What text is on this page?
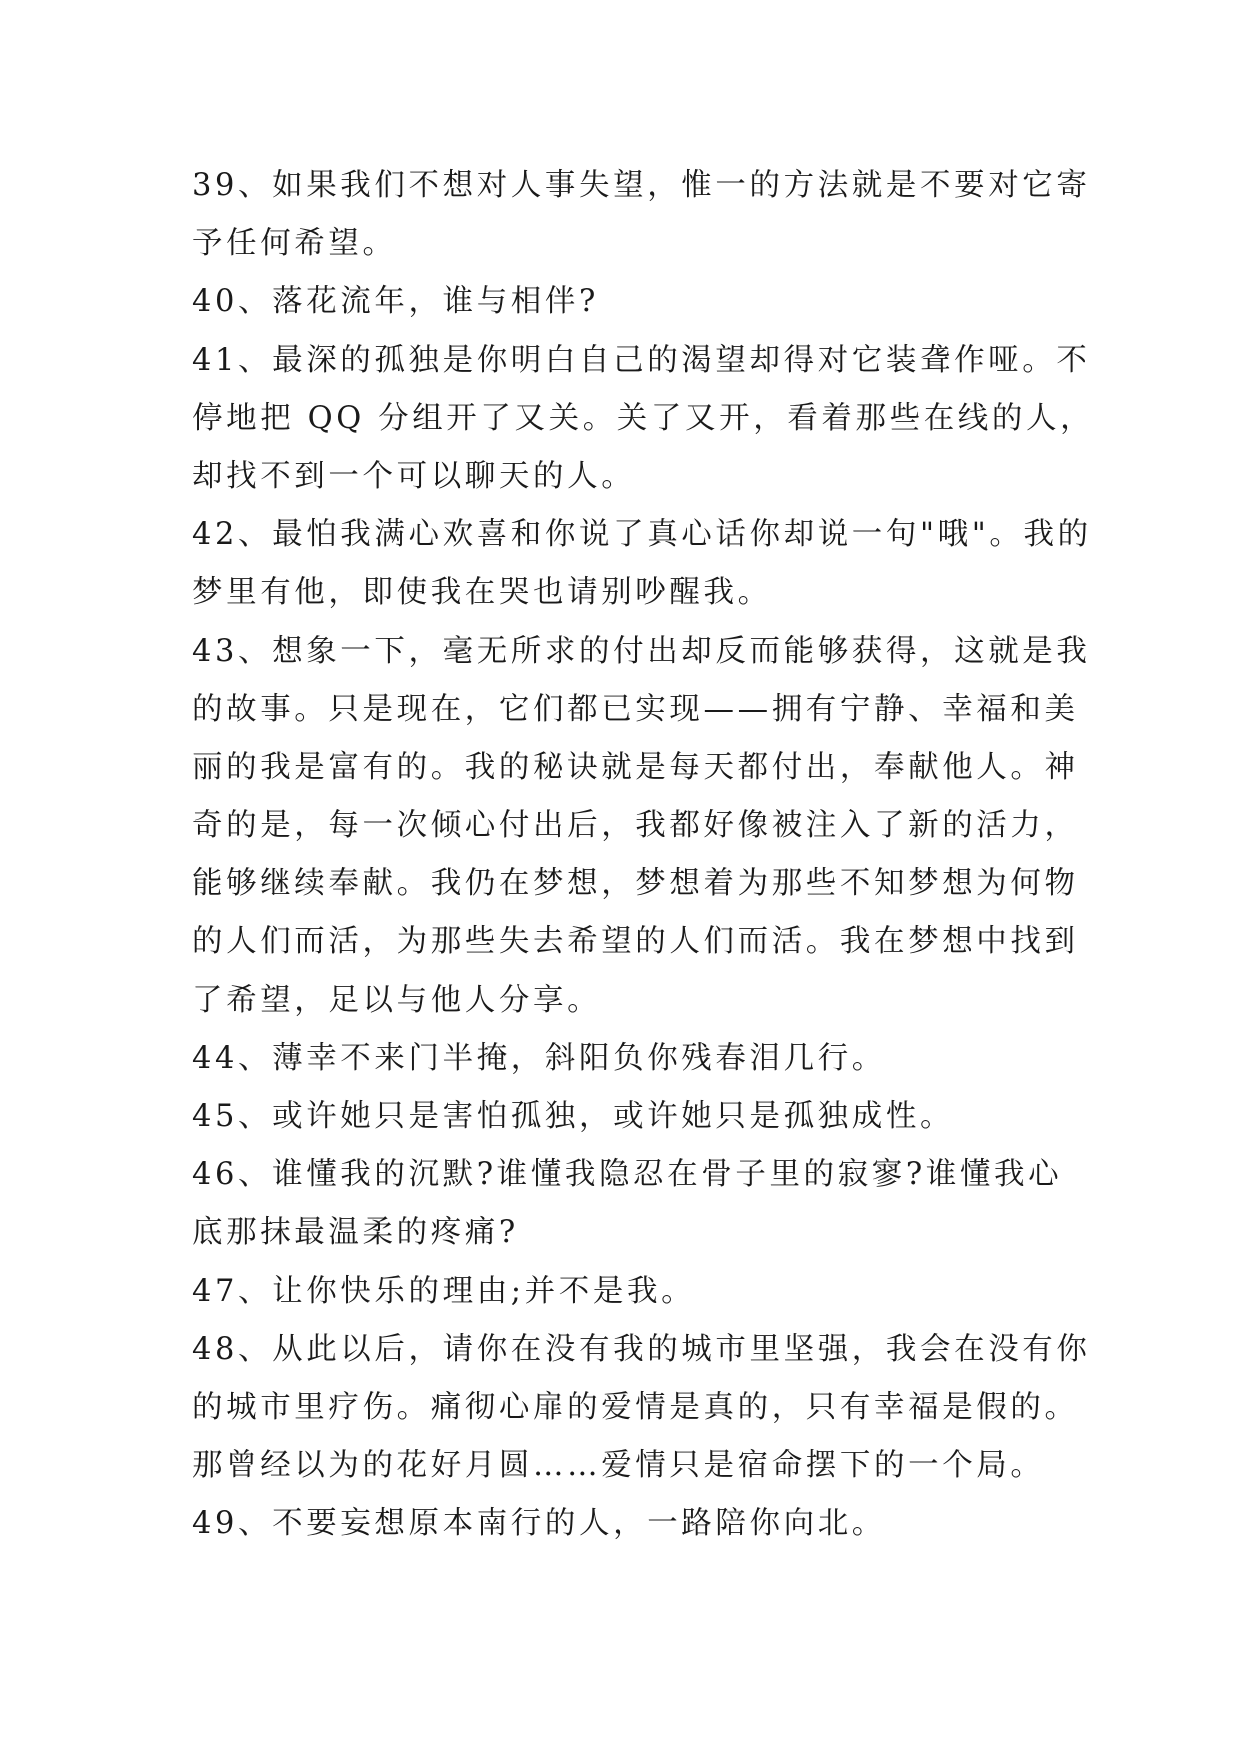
39、如果我们不想对人事失望，惟一的方法就是不要对它寄
予任何希望。
40、落花流年，谁与相伴?
41、最深的孤独是你明白自己的渴望却得对它装聋作哑。不
停地把 QQ 分组开了又关。关了又开，看着那些在线的人，
却找不到一个可以聊天的人。
42、最怕我满心欢喜和你说了真心话你却说一句"哦"。我的
梦里有他，即使我在哭也请别吵醒我。
43、想象一下，毫无所求的付出却反而能够获得，这就是我
的故事。只是现在，它们都已实现——拥有宁静、幸福和美
丽的我是富有的。我的秘诀就是每天都付出，奉献他人。神
奇的是，每一次倾心付出后，我都好像被注入了新的活力，
能够继续奉献。我仍在梦想，梦想着为那些不知梦想为何物
的人们而活，为那些失去希望的人们而活。我在梦想中找到
了希望，足以与他人分享。
44、薄幸不来门半掩，斜阳负你残春泪几行。
45、或许她只是害怕孤独，或许她只是孤独成性。
46、谁懂我的沉默?谁懂我隐忍在骨子里的寂寥?谁懂我心
底那抹最温柔的疼痛?
47、让你快乐的理由;并不是我。
48、从此以后，请你在没有我的城市里坚强，我会在没有你
的城市里疗伤。痛彻心扉的爱情是真的，只有幸福是假的。
那曾经以为的花好月圆……爱情只是宿命摆下的一个局。
49、不要妄想原本南行的人，一路陪你向北。
